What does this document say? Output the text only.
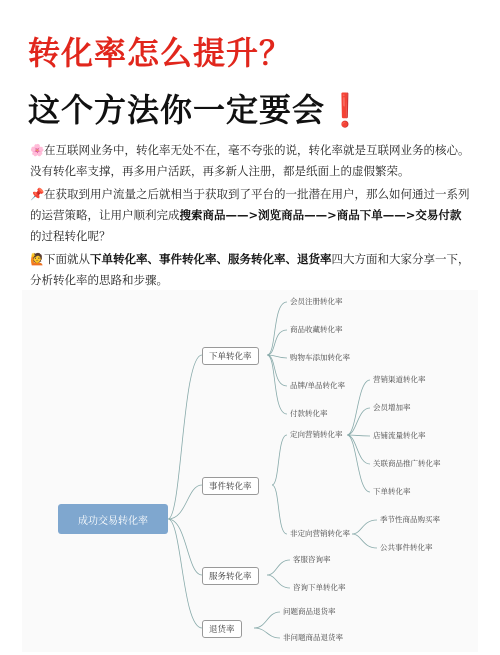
转化率怎么提升？
这个方法你一定要会❗

🌸在互联网业务中，转化率无处不在，毫不夸张的说，转化率就是互联网业务的核心。没有转化率支撑，再多用户活跃，再多新人注册，都是纸面上的虚假繁荣。

📌在获取到用户流量之后就相当于获取到了平台的一批潜在用户，那么如何通过一系列的运营策略，让用户顺利完成搜索商品——>浏览商品——>商品下单——>交易付款的过程转化呢？

🙋下面就从下单转化率、事件转化率、服务转化率、退货率四大方面和大家分享一下，分析转化率的思路和步骤。

成功交易转化率
下单转化率
事件转化率
服务转化率
退货率
会员注册转化率
商品收藏转化率
购物车添加转化率
品牌/单品转化率
付款转化率
定向营销转化率
非定向营销转化率
营销渠道转化率
会员增加率
店铺流量转化率
关联商品推广转化率
下单转化率
季节性商品购买率
公共事件转化率
客服咨询率
咨询下单转化率
问题商品退货率
非问题商品退货率
